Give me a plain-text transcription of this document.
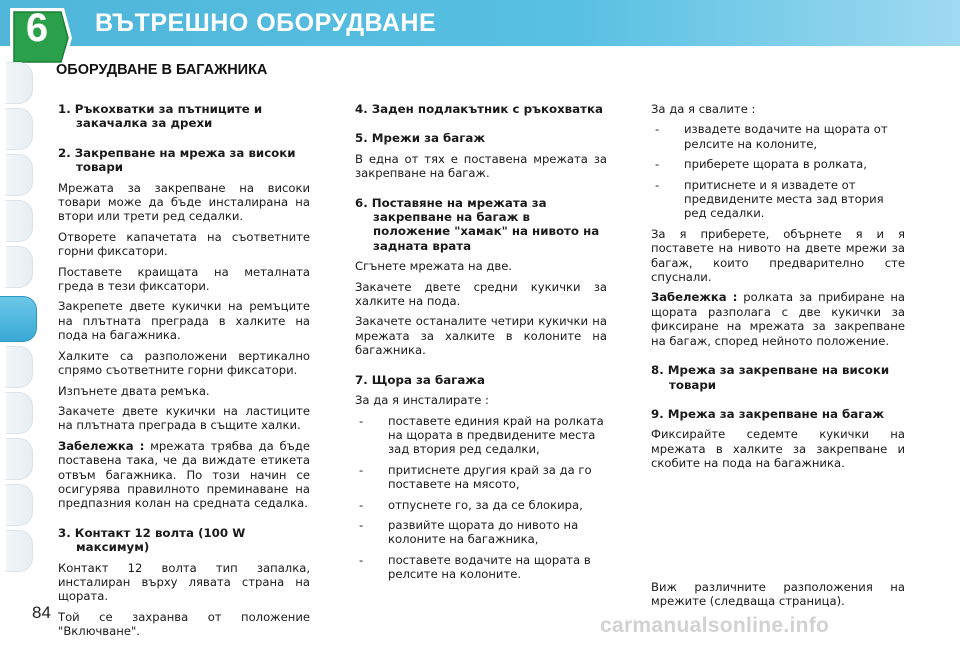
6 ВЪТРЕШНО ОБОРУДВАНЕ
ОБОРУДВАНЕ В БАГАЖНИКА
1. Ръкохватки за пътниците и закачалка за дрехи
2. Закрепване на мрежа за високи товари

Мрежата за закрепване на високи товари може да бъде инсталирана на втори или трети ред седалки.

Отворете капачетата на съответните горни фиксатори.

Поставете краищата на металната греда в тези фиксатори.

Закрепете двете кукички на ремъците на плътната преграда в халките на пода на багажника.

Халките са разположени вертикално спрямо съответните горни фиксатори.

Изпънете двата ремъка.

Закачете двете кукички на ластиците на плътната преграда в същите халки.

Забележка : мрежата трябва да бъде поставена така, че да виждате етикета отвъм багажника. По този начин се осигурява правилното преминаване на предпазния колан на средната седалка.

3. Контакт 12 волта (100 W максимум)

Контакт 12 волта тип запалка, инсталиран върху лявата страна на щората.

Той се захранва от положение "Включване".

4. Заден подлакътник с ръкохватка
5. Мрежи за багаж

В една от тях е поставена мрежата за закрепване на багаж.

6. Поставяне на мрежата за закрепване на багаж в положение "хамак" на нивото на задната врата

Сгънете мрежата на две.

Закачете двете средни кукички за халките на пода.

Закачете останалите четири кукички на мрежата за халките в колоните на багажника.

7. Щора за багажа

За да я инсталирате :

- поставете единия край на ролката на щората в предвидените места зад втория ред седалки,
- притиснете другия край за да го поставете на мясото,
- отпуснете го, за да се блокира,
- развийте щората до нивото на колоните на багажника,
- поставете водачите на щората в релсите на колоните.

За да я свалите :

- извадете водачите на щората от релсите на колоните,
- приберете щората в ролката,
- притиснете и я извадете от предвидените места зад втория ред седалки.

За я приберете, обърнете я и я поставете на нивото на двете мрежи за багаж, които предварително сте спуснали.

Забележка : ролката за прибиране на щората разполага с две кукички за фиксиране на мрежата за закрепване на багаж, според нейното положение.

8. Мрежа за закрепване на високи товари
9. Мрежа за закрепване на багаж

Фиксирайте седемте кукички на мрежата в халките за закрепване и скобите на пода на багажника.

Виж различните разположения на мрежите (следваща страница).
84
carmanualsonline.info
